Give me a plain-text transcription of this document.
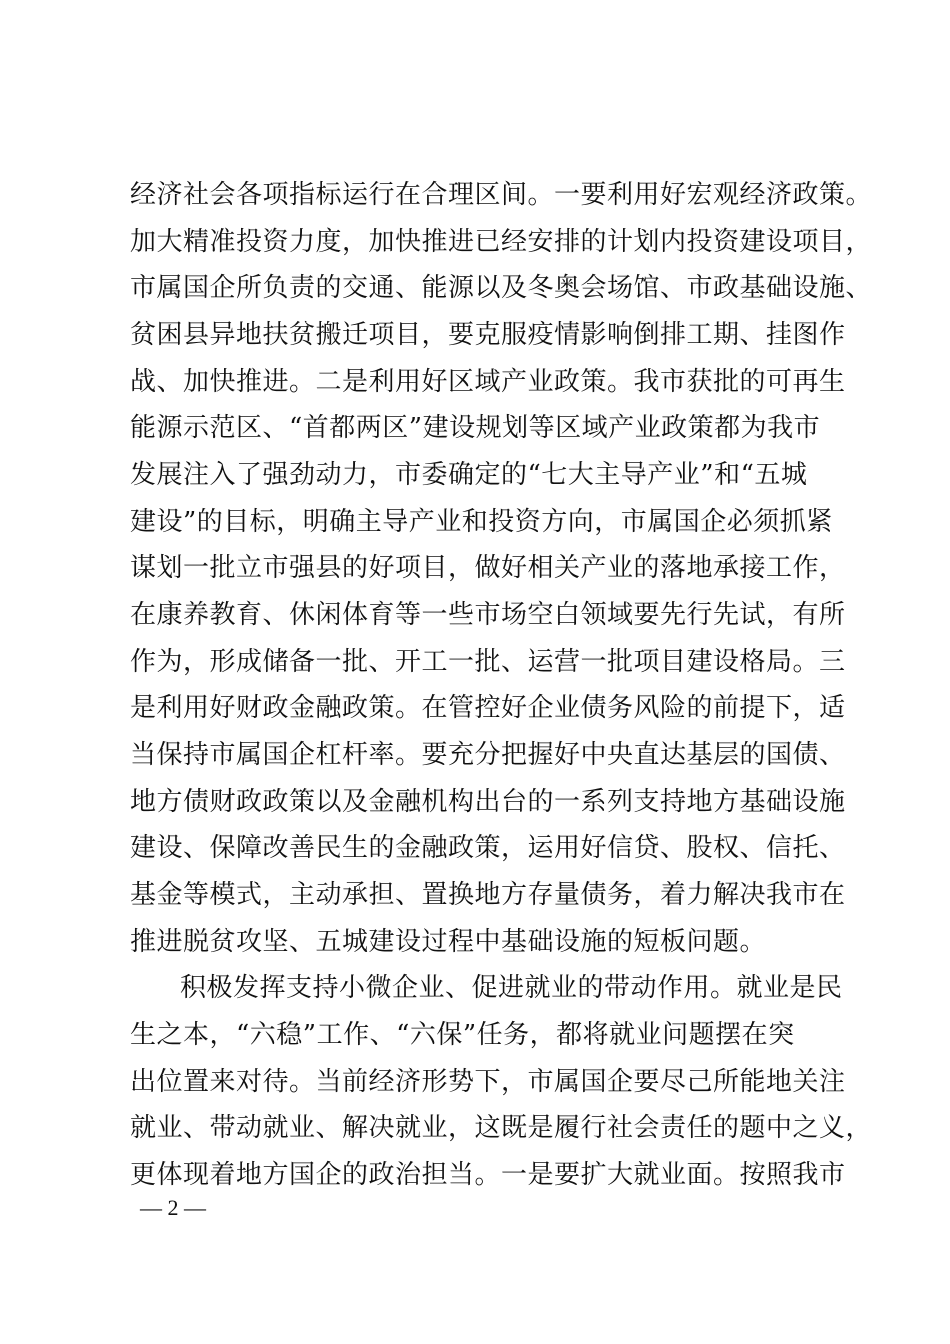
经济社会各项指标运行在合理区间。一要利用好宏观经济政策。
加大精准投资力度，加快推进已经安排的计划内投资建设项目，
市属国企所负责的交通、能源以及冬奥会场馆、市政基础设施、
贫困县异地扶贫搬迁项目，要克服疫情影响倒排工期、挂图作
战、加快推进。二是利用好区域产业政策。我市获批的可再生
能源示范区、“首都两区”建设规划等区域产业政策都为我市
发展注入了强劲动力，市委确定的“七大主导产业”和“五城
建设”的目标，明确主导产业和投资方向，市属国企必须抓紧
谋划一批立市强县的好项目，做好相关产业的落地承接工作，
在康养教育、休闲体育等一些市场空白领域要先行先试，有所
作为，形成储备一批、开工一批、运营一批项目建设格局。三
是利用好财政金融政策。在管控好企业债务风险的前提下，适
当保持市属国企杠杆率。要充分把握好中央直达基层的国债、
地方债财政政策以及金融机构出台的一系列支持地方基础设施
建设、保障改善民生的金融政策，运用好信贷、股权、信托、
基金等模式，主动承担、置换地方存量债务，着力解决我市在
推进脱贫攻坚、五城建设过程中基础设施的短板问题。
积极发挥支持小微企业、促进就业的带动作用。就业是民
生之本，“六稳”工作、“六保”任务，都将就业问题摆在突
出位置来对待。当前经济形势下，市属国企要尽己所能地关注
就业、带动就业、解决就业，这既是履行社会责任的题中之义，
更体现着地方国企的政治担当。一是要扩大就业面。按照我市
— 2 —
